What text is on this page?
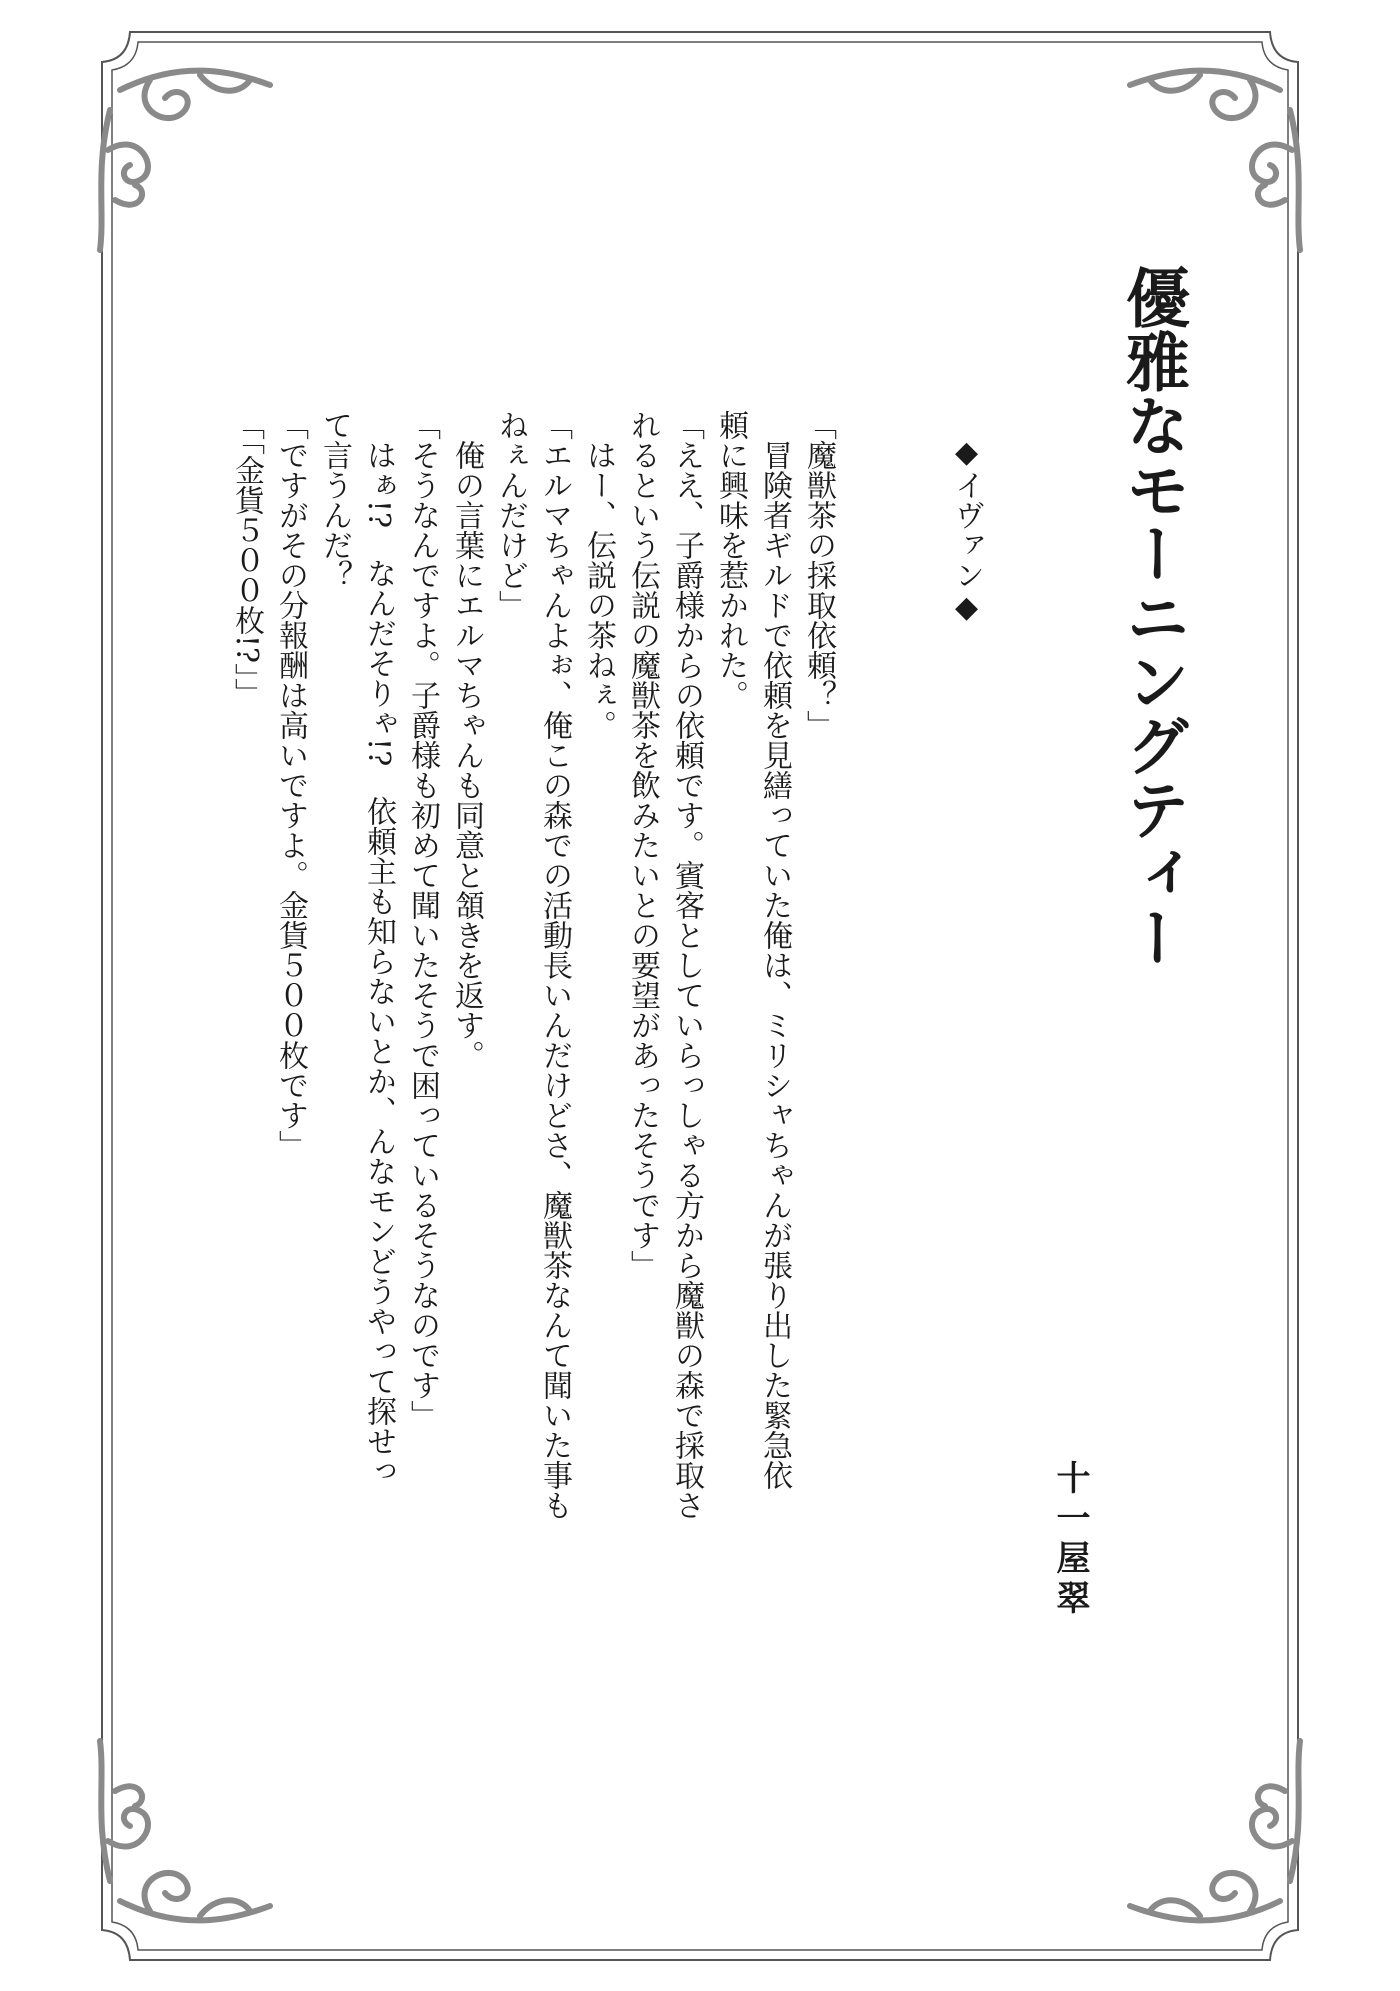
優雅なモーニングティー
十一屋翠
◆イヴァン◆
「魔獣茶の採取依頼？」
冒険者ギルドで依頼を見繕っていた俺は、ミリシャちゃんが張り出した緊急依
頼に興味を惹かれた。
「ええ、子爵様からの依頼です。賓客としていらっしゃる方から魔獣の森で採取さ
れるという伝説の魔獣茶を飲みたいとの要望があったそうです」
はー、伝説の茶ねぇ。
「エルマちゃんよぉ、俺この森での活動長いんだけどさ、魔獣茶なんて聞いた事も
ねぇんだけど」
俺の言葉にエルマちゃんも同意と頷きを返す。
「そうなんですよ。子爵様も初めて聞いたそうで困っているそうなのです」
はぁ!?　なんだそりゃ!?　依頼主も知らないとか、んなモンどうやって探せっ
て言うんだ？
「ですがその分報酬は高いですよ。金貨５００枚です」
「「金貨５００枚!?」」
